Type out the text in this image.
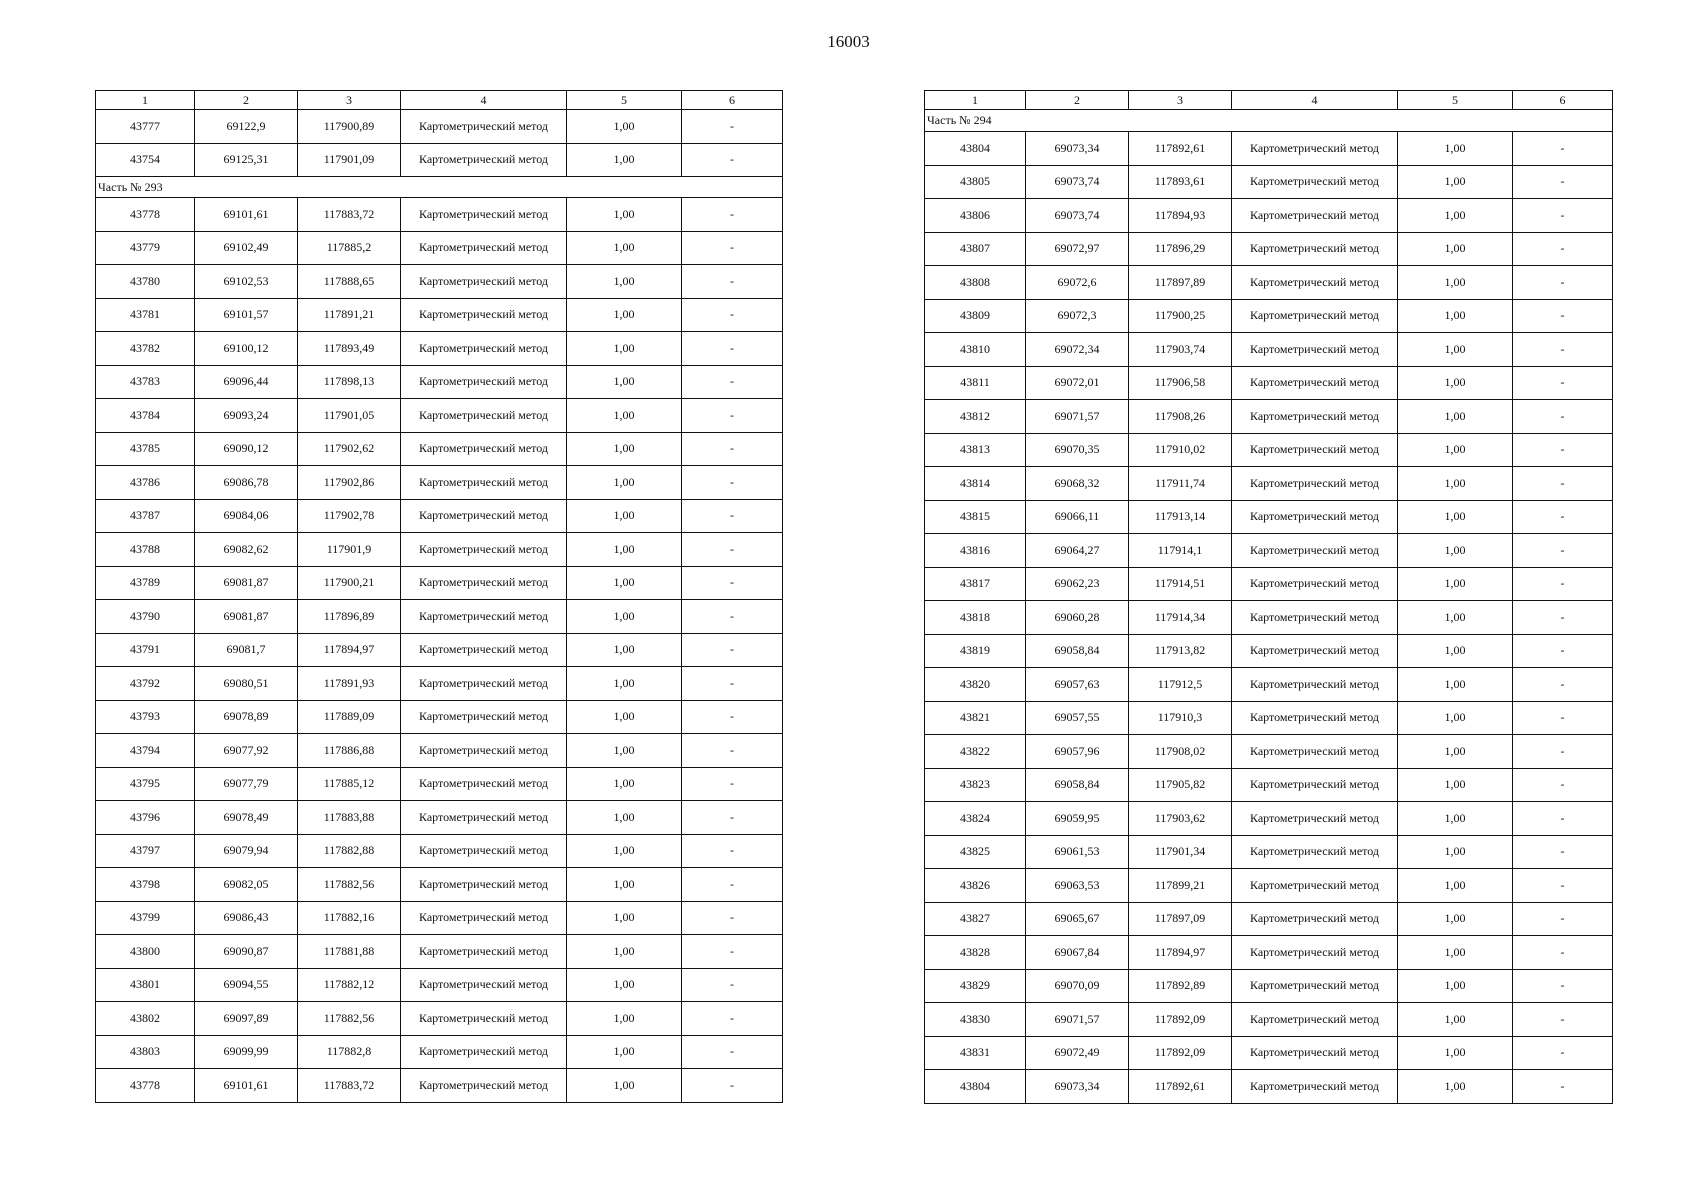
16003
1	2	3	4	5	6
43777	69122,9	117900,89	Картометрический метод	1,00	-
43754	69125,31	117901,09	Картометрический метод	1,00	-
Часть № 293					
43778	69101,61	117883,72	Картометрический метод	1,00	-
43779	69102,49	117885,2	Картометрический метод	1,00	-
43780	69102,53	117888,65	Картометрический метод	1,00	-
43781	69101,57	117891,21	Картометрический метод	1,00	-
43782	69100,12	117893,49	Картометрический метод	1,00	-
43783	69096,44	117898,13	Картометрический метод	1,00	-
43784	69093,24	117901,05	Картометрический метод	1,00	-
43785	69090,12	117902,62	Картометрический метод	1,00	-
43786	69086,78	117902,86	Картометрический метод	1,00	-
43787	69084,06	117902,78	Картометрический метод	1,00	-
43788	69082,62	117901,9	Картометрический метод	1,00	-
43789	69081,87	117900,21	Картометрический метод	1,00	-
43790	69081,87	117896,89	Картометрический метод	1,00	-
43791	69081,7	117894,97	Картометрический метод	1,00	-
43792	69080,51	117891,93	Картометрический метод	1,00	-
43793	69078,89	117889,09	Картометрический метод	1,00	-
43794	69077,92	117886,88	Картометрический метод	1,00	-
43795	69077,79	117885,12	Картометрический метод	1,00	-
43796	69078,49	117883,88	Картометрический метод	1,00	-
43797	69079,94	117882,88	Картометрический метод	1,00	-
43798	69082,05	117882,56	Картометрический метод	1,00	-
43799	69086,43	117882,16	Картометрический метод	1,00	-
43800	69090,87	117881,88	Картометрический метод	1,00	-
43801	69094,55	117882,12	Картометрический метод	1,00	-
43802	69097,89	117882,56	Картометрический метод	1,00	-
43803	69099,99	117882,8	Картометрический метод	1,00	-
43778	69101,61	117883,72	Картометрический метод	1,00	-
1	2	3	4	5	6
Часть № 294					
43804	69073,34	117892,61	Картометрический метод	1,00	-
43805	69073,74	117893,61	Картометрический метод	1,00	-
43806	69073,74	117894,93	Картометрический метод	1,00	-
43807	69072,97	117896,29	Картометрический метод	1,00	-
43808	69072,6	117897,89	Картометрический метод	1,00	-
43809	69072,3	117900,25	Картометрический метод	1,00	-
43810	69072,34	117903,74	Картометрический метод	1,00	-
43811	69072,01	117906,58	Картометрический метод	1,00	-
43812	69071,57	117908,26	Картометрический метод	1,00	-
43813	69070,35	117910,02	Картометрический метод	1,00	-
43814	69068,32	117911,74	Картометрический метод	1,00	-
43815	69066,11	117913,14	Картометрический метод	1,00	-
43816	69064,27	117914,1	Картометрический метод	1,00	-
43817	69062,23	117914,51	Картометрический метод	1,00	-
43818	69060,28	117914,34	Картометрический метод	1,00	-
43819	69058,84	117913,82	Картометрический метод	1,00	-
43820	69057,63	117912,5	Картометрический метод	1,00	-
43821	69057,55	117910,3	Картометрический метод	1,00	-
43822	69057,96	117908,02	Картометрический метод	1,00	-
43823	69058,84	117905,82	Картометрический метод	1,00	-
43824	69059,95	117903,62	Картометрический метод	1,00	-
43825	69061,53	117901,34	Картометрический метод	1,00	-
43826	69063,53	117899,21	Картометрический метод	1,00	-
43827	69065,67	117897,09	Картометрический метод	1,00	-
43828	69067,84	117894,97	Картометрический метод	1,00	-
43829	69070,09	117892,89	Картометрический метод	1,00	-
43830	69071,57	117892,09	Картометрический метод	1,00	-
43831	69072,49	117892,09	Картометрический метод	1,00	-
43804	69073,34	117892,61	Картометрический метод	1,00	-
